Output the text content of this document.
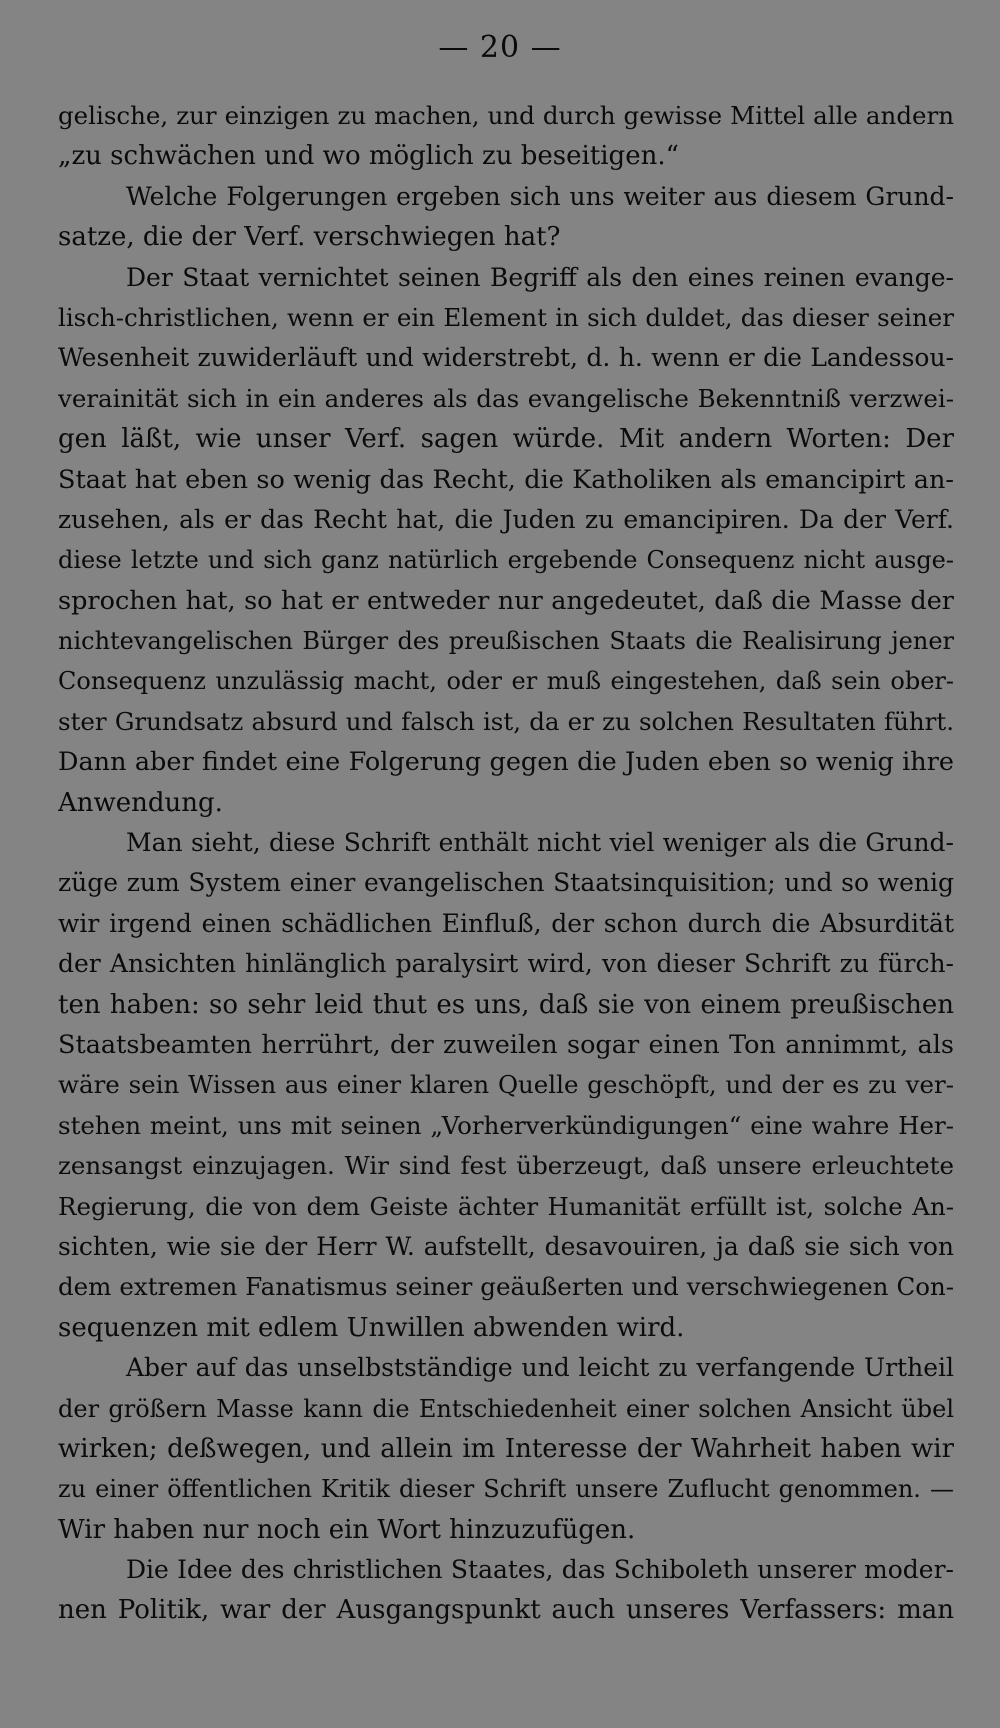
— 20 —
gelische, zur einzigen zu machen, und durch gewisse Mittel alle andern
„zu schwächen und wo möglich zu beseitigen.“
Welche Folgerungen ergeben sich uns weiter aus diesem Grund-
satze, die der Verf. verschwiegen hat?
Der Staat vernichtet seinen Begriff als den eines reinen evange-
lisch-christlichen, wenn er ein Element in sich duldet, das dieser seiner
Wesenheit zuwiderläuft und widerstrebt, d. h. wenn er die Landessou-
verainität sich in ein anderes als das evangelische Bekenntniß verzwei-
gen läßt, wie unser Verf. sagen würde. Mit andern Worten: Der
Staat hat eben so wenig das Recht, die Katholiken als emancipirt an-
zusehen, als er das Recht hat, die Juden zu emancipiren. Da der Verf.
diese letzte und sich ganz natürlich ergebende Consequenz nicht ausge-
sprochen hat, so hat er entweder nur angedeutet, daß die Masse der
nichtevangelischen Bürger des preußischen Staats die Realisirung jener
Consequenz unzulässig macht, oder er muß eingestehen, daß sein ober-
ster Grundsatz absurd und falsch ist, da er zu solchen Resultaten führt.
Dann aber findet eine Folgerung gegen die Juden eben so wenig ihre
Anwendung.
Man sieht, diese Schrift enthält nicht viel weniger als die Grund-
züge zum System einer evangelischen Staatsinquisition; und so wenig
wir irgend einen schädlichen Einfluß, der schon durch die Absurdität
der Ansichten hinlänglich paralysirt wird, von dieser Schrift zu fürch-
ten haben: so sehr leid thut es uns, daß sie von einem preußischen
Staatsbeamten herrührt, der zuweilen sogar einen Ton annimmt, als
wäre sein Wissen aus einer klaren Quelle geschöpft, und der es zu ver-
stehen meint, uns mit seinen „Vorherverkündigungen“ eine wahre Her-
zensangst einzujagen. Wir sind fest überzeugt, daß unsere erleuchtete
Regierung, die von dem Geiste ächter Humanität erfüllt ist, solche An-
sichten, wie sie der Herr W. aufstellt, desavouiren, ja daß sie sich von
dem extremen Fanatismus seiner geäußerten und verschwiegenen Con-
sequenzen mit edlem Unwillen abwenden wird.
Aber auf das unselbstständige und leicht zu verfangende Urtheil
der größern Masse kann die Entschiedenheit einer solchen Ansicht übel
wirken; deßwegen, und allein im Interesse der Wahrheit haben wir
zu einer öffentlichen Kritik dieser Schrift unsere Zuflucht genommen. —
Wir haben nur noch ein Wort hinzuzufügen.
Die Idee des christlichen Staates, das Schiboleth unserer moder-
nen Politik, war der Ausgangspunkt auch unseres Verfassers: man
